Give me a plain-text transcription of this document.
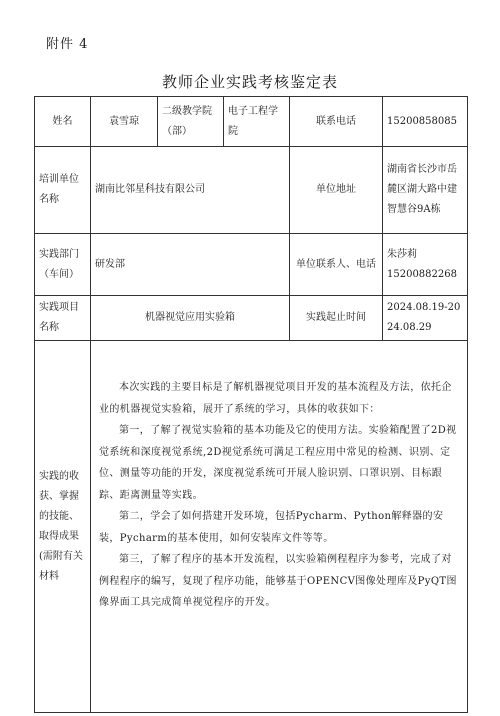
附件 4
教师企业实践考核鉴定表
姓名	袁雪琼	二级教学院（部）	电子工程学院	联系电话	15200858085
培训单位名称	湖南比邻星科技有限公司			单位地址	湖南省长沙市岳麓区湖大路中建智慧谷9A栋
实践部门（车间）	研发部			单位联系人、电话	朱莎莉
15200882268

实践项目名称	机器视觉应用实验箱			实践起止时间	2024.08.19-2024.08.29
实践的收获、掌握的技能、取得成果(需附有关材料	本次实践的主要目标是了解机器视觉项目开发的基本流程及方法，依托企业的机器视觉实验箱，展开了系统的学习，具体的收获如下：

第一，了解了视觉实验箱的基本功能及它的使用方法。实验箱配置了2D视觉系统和深度视觉系统,2D视觉系统可满足工程应用中常见的检测、识别、定位、测量等功能的开发，深度视觉系统可开展人脸识别、口罩识别、目标跟踪、距离测量等实践。

第二，学会了如何搭建开发环境，包括Pycharm、Python解释器的安装，Pycharm的基本使用，如何安装库文件等等。

第三，了解了程序的基本开发流程，以实验箱例程程序为参考，完成了对例程程序的编写，复现了程序功能，能够基于OPENCV图像处理库及PyQT图像界面工具完成简单视觉程序的开发。				
